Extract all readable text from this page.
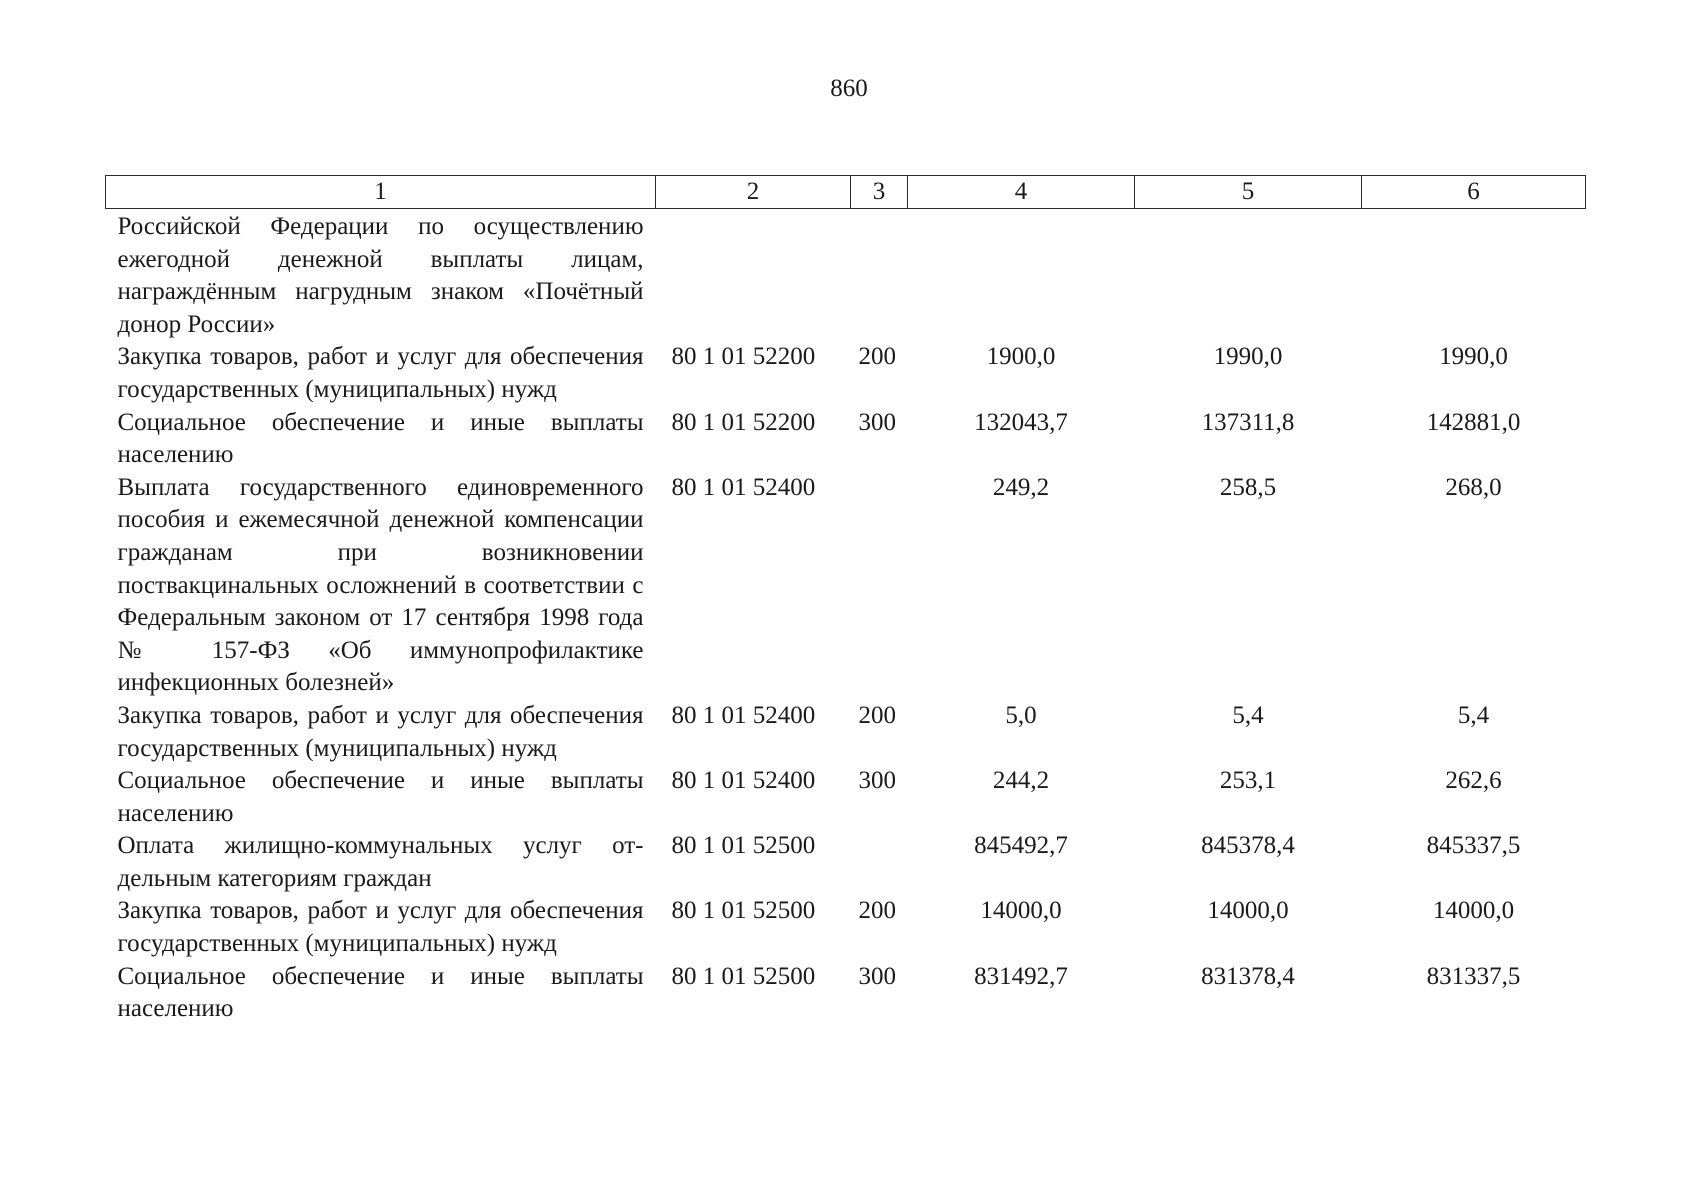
860
1	2	3	4	5	6
Российской Федерации по осуществлению ежегодной денежной выплаты лицам, награждённым нагрудным знаком «Почётный донор России»					
Закупка товаров, работ и услуг для обеспечения государственных (муниципальных) нужд	80 1 01 52200	200	1900,0	1990,0	1990,0
Социальное обеспечение и иные выплаты населению	80 1 01 52200	300	132043,7	137311,8	142881,0
Выплата государственного единовременного пособия и ежемесячной денежной компенсации гражданам при возникновении поствакцинальных осложнений в соответствии с Федеральным законом от 17 сентября 1998 года № 157-ФЗ «Об иммунопрофилактике инфекционных болезней»	80 1 01 52400		249,2	258,5	268,0
Закупка товаров, работ и услуг для обеспечения государственных (муниципальных) нужд	80 1 01 52400	200	5,0	5,4	5,4
Социальное обеспечение и иные выплаты населению	80 1 01 52400	300	244,2	253,1	262,6
Оплата жилищно-коммунальных услуг отдельным категориям граждан	80 1 01 52500		845492,7	845378,4	845337,5
Закупка товаров, работ и услуг для обеспечения государственных (муниципальных) нужд	80 1 01 52500	200	14000,0	14000,0	14000,0
Социальное обеспечение и иные выплаты населению	80 1 01 52500	300	831492,7	831378,4	831337,5
